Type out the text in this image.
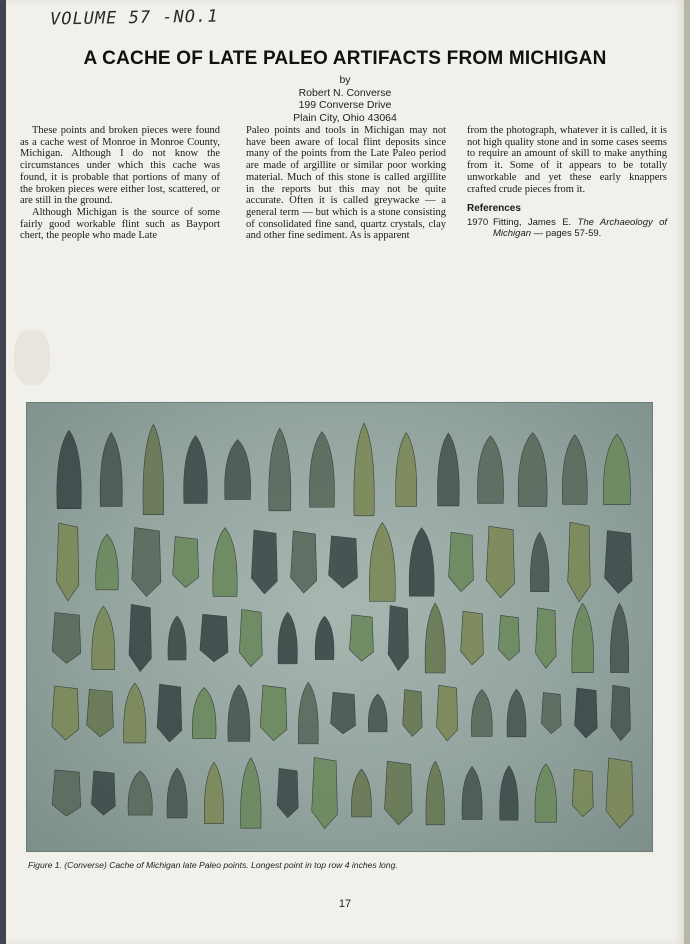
VOLUME 57 -NO.1
A CACHE OF LATE PALEO ARTIFACTS FROM MICHIGAN
by
Robert N. Converse
199 Converse Drive
Plain City, Ohio 43064

These points and broken pieces were found as a cache west of Monroe in Monroe County, Michigan. Although I do not know the circumstances under which this cache was found, it is probable that portions of many of the broken pieces were either lost, scattered, or are still in the ground.

Although Michigan is the source of some fairly good workable flint such as Bayport chert, the people who made Late

Paleo points and tools in Michigan may not have been aware of local flint deposits since many of the points from the Late Paleo period are made of argillite or similar poor working material. Much of this stone is called argillite in the reports but this may not be quite accurate. Often it is called greywacke — a general term — but which is a stone consisting of consolidated fine sand, quartz crystals, clay and other fine sediment. As is apparent

from the photograph, whatever it is called, it is not high quality stone and in some cases seems to require an amount of skill to make anything from it. Some of it appears to be totally unworkable and yet these early knappers crafted crude pieces from it.

References
1970 Fitting, James E. The Archaeology of Michigan — pages 57-59.
Figure 1. (Converse) Cache of Michigan late Paleo points. Longest point in top row 4 inches long.
17
